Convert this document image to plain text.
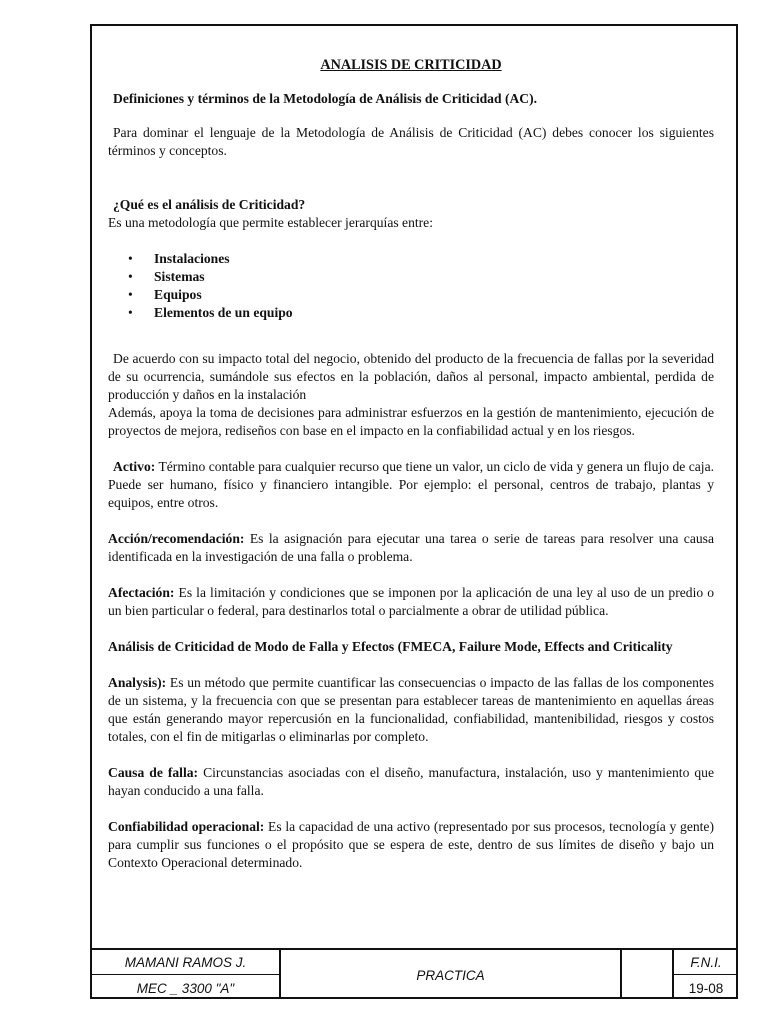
ANALISIS DE CRITICIDAD
Definiciones y términos de la Metodología de Análisis de Criticidad (AC).

Para dominar el lenguaje de la Metodología de Análisis de Criticidad (AC) debes conocer los siguientes términos y conceptos.

¿Qué es el análisis de Criticidad?

Es una metodología que permite establecer jerarquías entre:

• Instalaciones
• Sistemas
• Equipos
• Elementos de un equipo

De acuerdo con su impacto total del negocio, obtenido del producto de la frecuencia de fallas por la severidad de su ocurrencia, sumándole sus efectos en la población, daños al personal, impacto ambiental, perdida de producción y daños en la instalación

Además, apoya la toma de decisiones para administrar esfuerzos en la gestión de mantenimiento, ejecución de proyectos de mejora, rediseños con base en el impacto en la confiabilidad actual y en los riesgos.

Activo: Término contable para cualquier recurso que tiene un valor, un ciclo de vida y genera un flujo de caja. Puede ser humano, físico y financiero intangible. Por ejemplo: el personal, centros de trabajo, plantas y equipos, entre otros.

Acción/recomendación: Es la asignación para ejecutar una tarea o serie de tareas para resolver una causa identificada en la investigación de una falla o problema.

Afectación: Es la limitación y condiciones que se imponen por la aplicación de una ley al uso de un predio o un bien particular o federal, para destinarlos total o parcialmente a obrar de utilidad pública.

Análisis de Criticidad de Modo de Falla y Efectos (FMECA, Failure Mode, Effects and Criticality

Analysis): Es un método que permite cuantificar las consecuencias o impacto de las fallas de los componentes de un sistema, y la frecuencia con que se presentan para establecer tareas de mantenimiento en aquellas áreas que están generando mayor repercusión en la funcionalidad, confiabilidad, mantenibilidad, riesgos y costos totales, con el fin de mitigarlas o eliminarlas por completo.

Causa de falla: Circunstancias asociadas con el diseño, manufactura, instalación, uso y mantenimiento que hayan conducido a una falla.

Confiabilidad operacional: Es la capacidad de una activo (representado por sus procesos, tecnología y gente) para cumplir sus funciones o el propósito que se espera de este, dentro de sus límites de diseño y bajo un Contexto Operacional determinado.

MAMANI RAMOS J.
MEC _ 3300 "A"
PRACTICA
F.N.I.
19-08
